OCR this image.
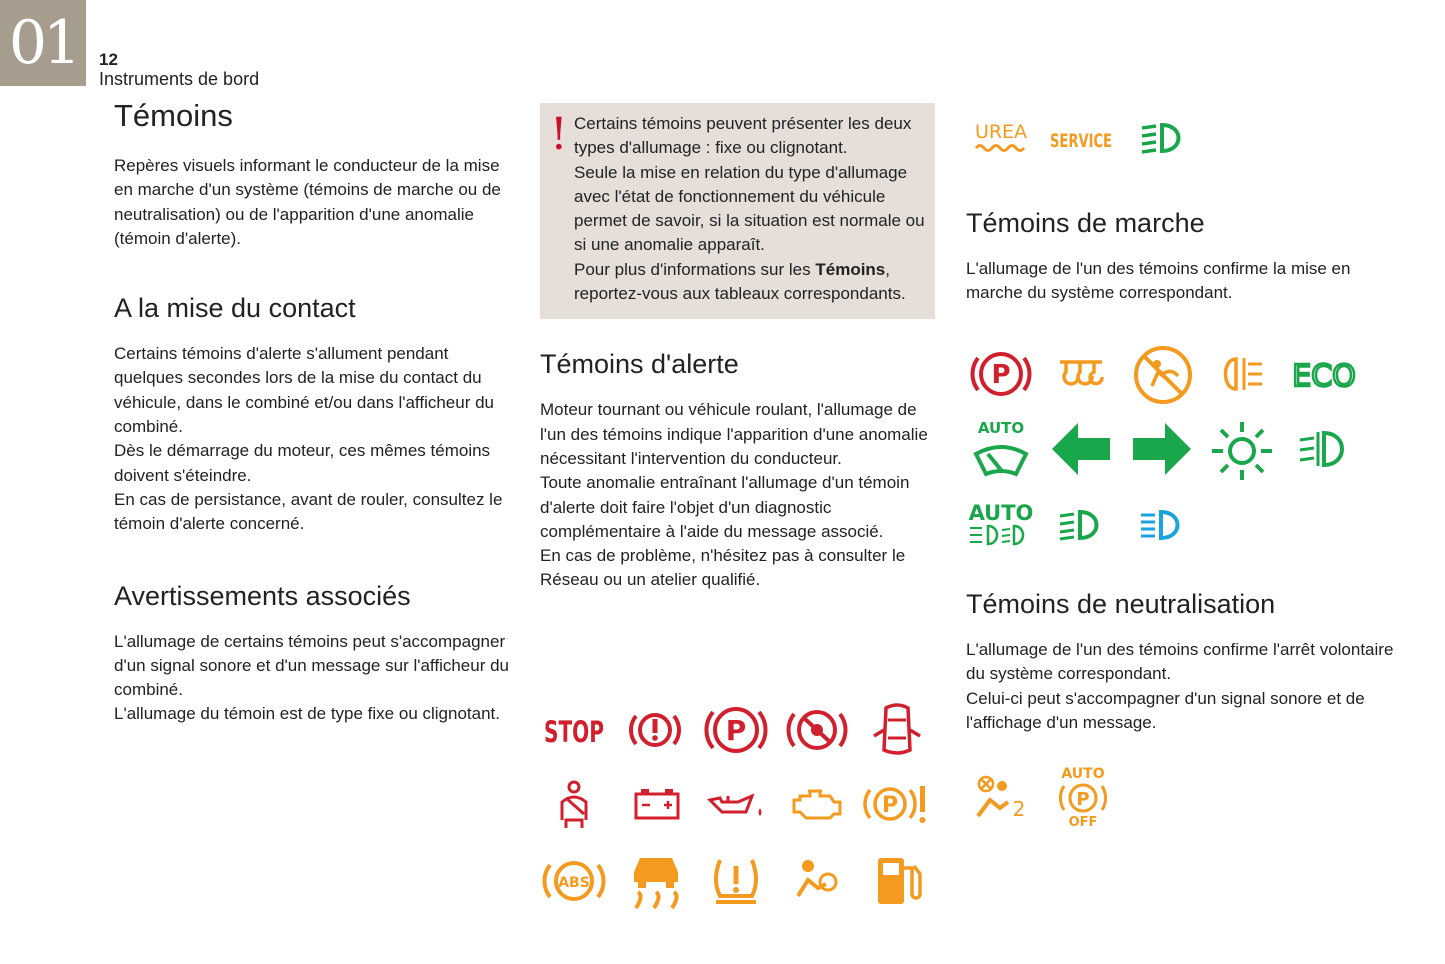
01	12
Instruments de bord
Témoins

Repères visuels informant le conducteur de la mise en marche d'un système (témoins de marche ou de neutralisation) ou de l'apparition d'une anomalie (témoin d'alerte).

A la mise du contact

Certains témoins d'alerte s'allument pendant quelques secondes lors de la mise du contact du véhicule, dans le combiné et/ou dans l'afficheur du combiné.

Dès le démarrage du moteur, ces mêmes témoins doivent s'éteindre.

En cas de persistance, avant de rouler, consultez le témoin d'alerte concerné.

Avertissements associés

L'allumage de certains témoins peut s'accompagner d'un signal sonore et d'un message sur l'afficheur du combiné.

L'allumage du témoin est de type fixe ou clignotant.

! Certains témoins peuvent présenter les deux types d'allumage : fixe ou clignotant.

Seule la mise en relation du type d'allumage avec l'état de fonctionnement du véhicule permet de savoir, si la situation est normale ou si une anomalie apparaît.

Pour plus d'informations sur les Témoins, reportez-vous aux tableaux correspondants.

Témoins d'alerte

Moteur tournant ou véhicule roulant, l'allumage de l'un des témoins indique l'apparition d'une anomalie nécessitant l'intervention du conducteur.

Toute anomalie entraînant l'allumage d'un témoin d'alerte doit faire l'objet d'un diagnostic complémentaire à l'aide du message associé.

En cas de problème, n'hésitez pas à consulter le Réseau ou un atelier qualifié.

Témoins de marche

L'allumage de l'un des témoins confirme la mise en marche du système correspondant.

Témoins de neutralisation

L'allumage de l'un des témoins confirme l'arrêt volontaire du système correspondant.

Celui-ci peut s'accompagner d'un signal sonore et de l'affichage d'un message.

UREA SERVICE
P	ECO
AUTO
AUTO
2
AUTO
P
OFF
STOP	P
P
ABS
